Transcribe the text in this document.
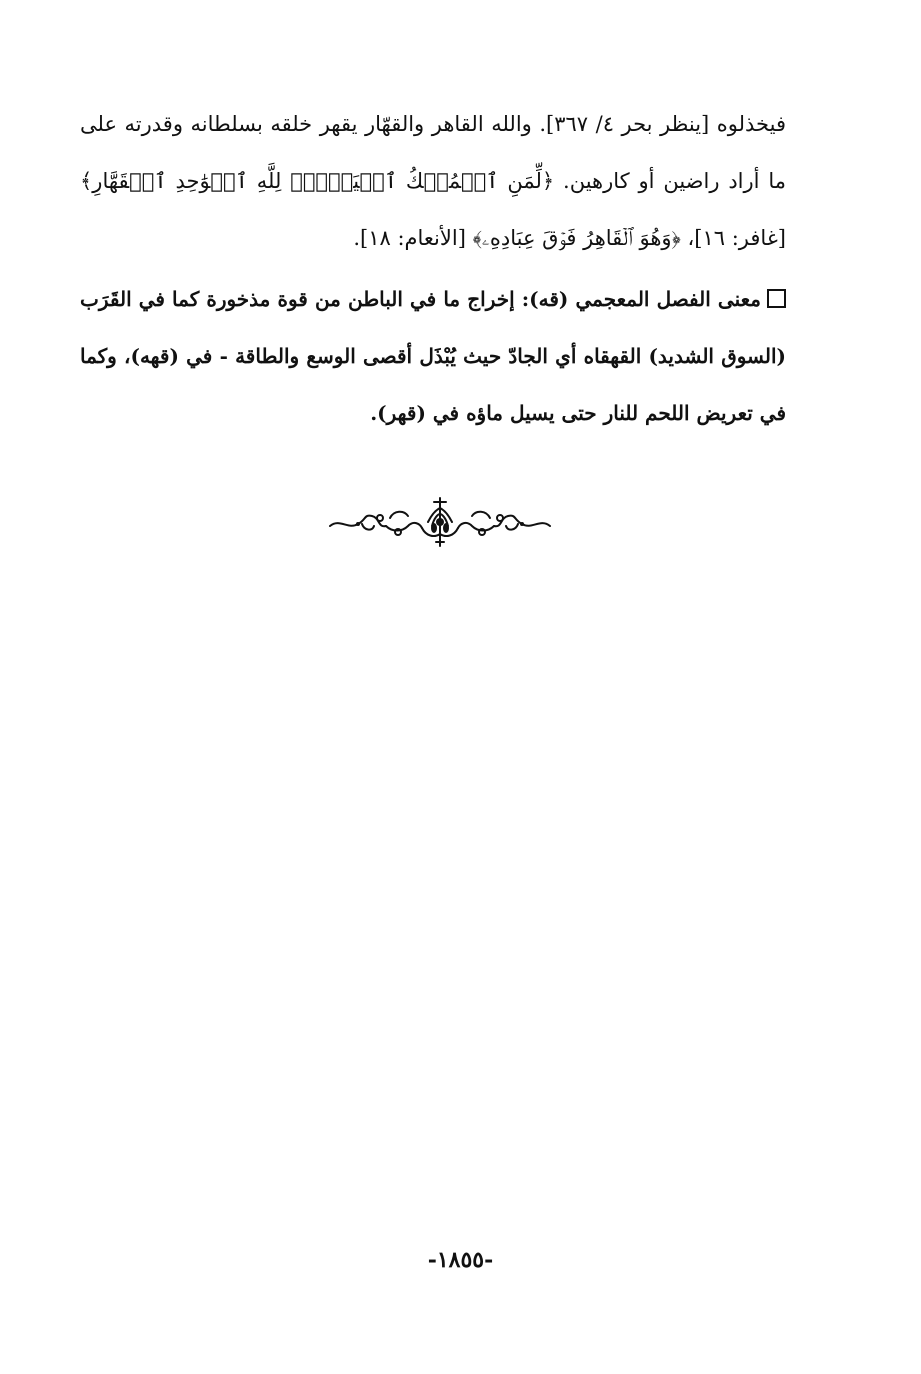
فيخذلوه [ينظر بحر ٤/ ٣٦٧]. والله القاهر والقهّار يقهر خلقه بسلطانه وقدرته على ما أراد راضين أو كارهين. ﴿لِّمَنِ ٱلۡمُلۡكُ ٱلۡيَوۡمَۖ لِلَّهِ ٱلۡوَٰحِدِ ٱلۡقَهَّارِ﴾ [غافر: ١٦]، ﴿وَهُوَ ٱلۡقَاهِرُ فَوۡقَ عِبَادِهِۦ﴾ [الأنعام: ١٨].

معنى الفصل المعجمي (قه): إخراج ما في الباطن من قوة مذخورة كما في القَرَب (السوق الشديد) القهقاه أي الجادّ حيث يُبْذَل أقصى الوسع والطاقة - في (قهه)، وكما في تعريض اللحم للنار حتى يسيل ماؤه في (قهر).

-١٨٥٥-
